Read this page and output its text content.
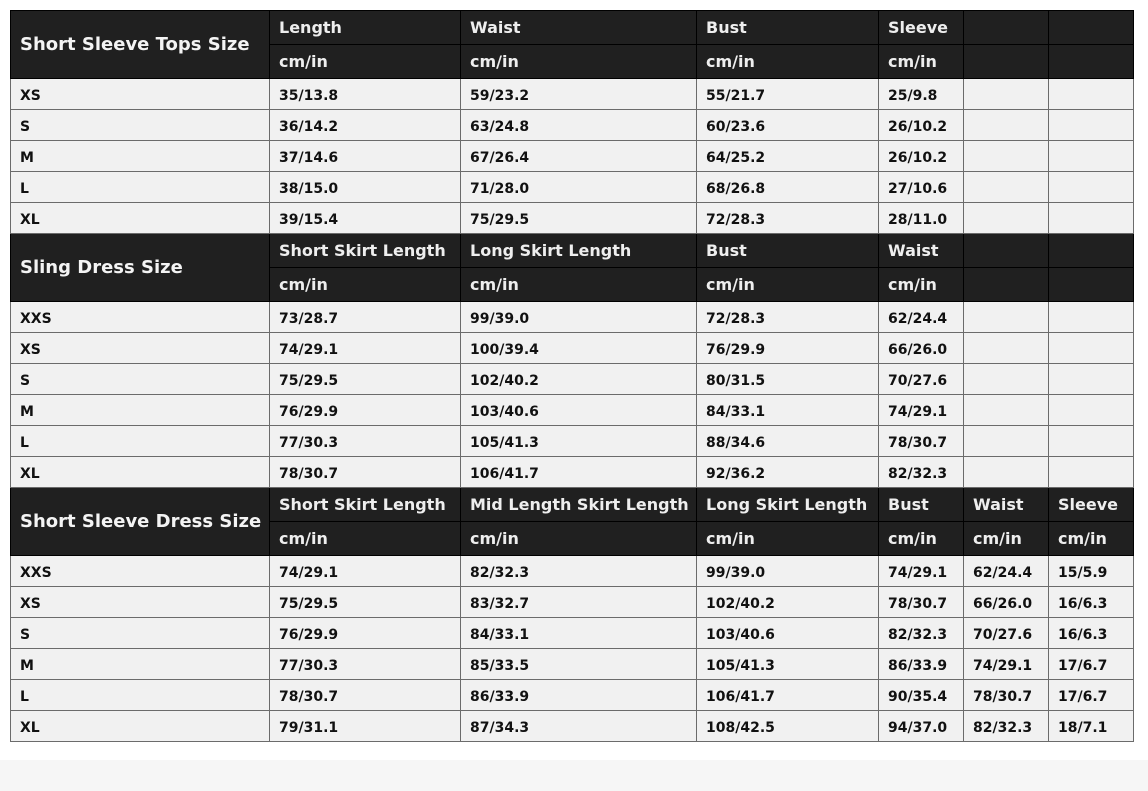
Short Sleeve Tops Size	Length	Waist	Bust	Sleeve		
	cm/in	cm/in	cm/in	cm/in		
XS	35/13.8	59/23.2	55/21.7	25/9.8		
S	36/14.2	63/24.8	60/23.6	26/10.2		
M	37/14.6	67/26.4	64/25.2	26/10.2		
L	38/15.0	71/28.0	68/26.8	27/10.6		
XL	39/15.4	75/29.5	72/28.3	28/11.0		
Sling Dress Size	Short Skirt Length	Long Skirt Length	Bust	Waist		
	cm/in	cm/in	cm/in	cm/in		
XXS	73/28.7	99/39.0	72/28.3	62/24.4		
XS	74/29.1	100/39.4	76/29.9	66/26.0		
S	75/29.5	102/40.2	80/31.5	70/27.6		
M	76/29.9	103/40.6	84/33.1	74/29.1		
L	77/30.3	105/41.3	88/34.6	78/30.7		
XL	78/30.7	106/41.7	92/36.2	82/32.3		
Short Sleeve Dress Size	Short Skirt Length	Mid Length Skirt Length	Long Skirt Length	Bust	Waist	Sleeve
	cm/in	cm/in	cm/in	cm/in	cm/in	cm/in
XXS	74/29.1	82/32.3	99/39.0	74/29.1	62/24.4	15/5.9
XS	75/29.5	83/32.7	102/40.2	78/30.7	66/26.0	16/6.3
S	76/29.9	84/33.1	103/40.6	82/32.3	70/27.6	16/6.3
M	77/30.3	85/33.5	105/41.3	86/33.9	74/29.1	17/6.7
L	78/30.7	86/33.9	106/41.7	90/35.4	78/30.7	17/6.7
XL	79/31.1	87/34.3	108/42.5	94/37.0	82/32.3	18/7.1
